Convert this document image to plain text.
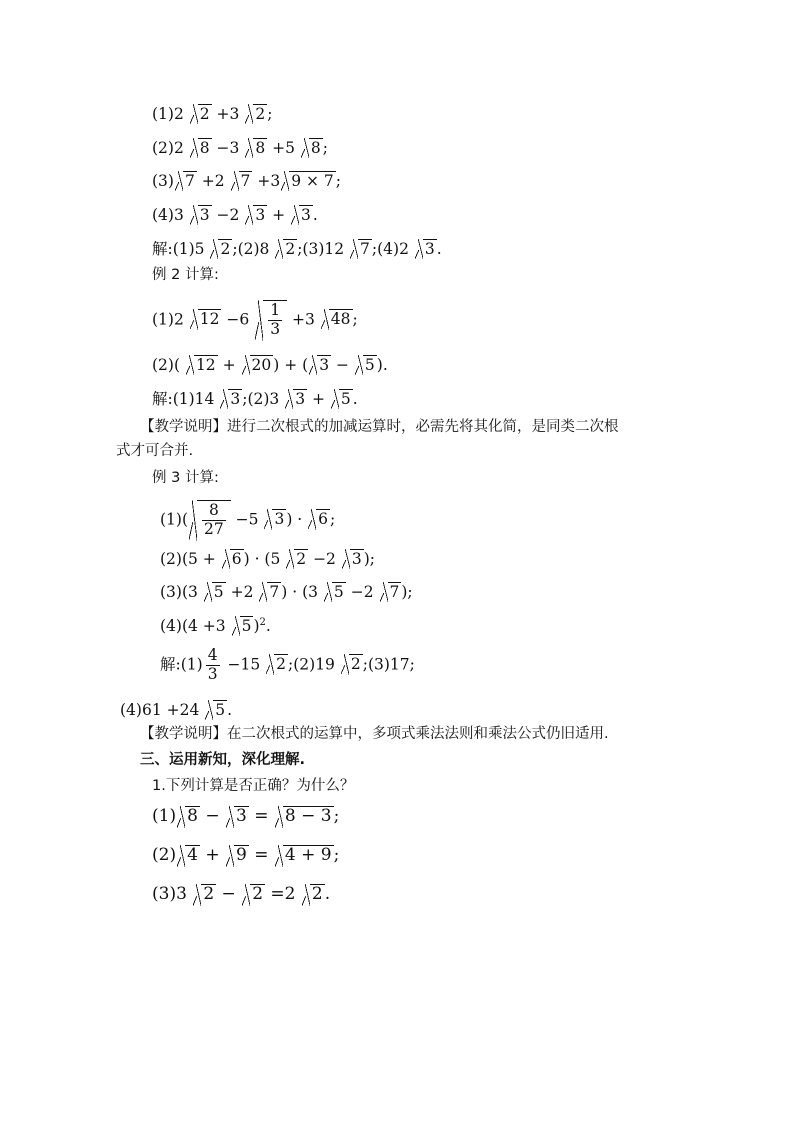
(1)2 2 +3 2 ;
(2)2 8 −3 8 +5 8 ;
(3) 7 +2 7 +3 9 × 7 ;
(4)3 3 −2 3 + 3 .
解:(1)5 2 ;(2)8 2 ;(3)12 7 ;(4)2 3 .
例 2 计算:
(1)2 $12 -6 \frac{1}{3} +3$ 48 ;
(2)( 12 + 20 ) + ( 3 − 5 ).
解:(1)14 3 ;(2)3 3 + 5 .
【教学说明】进行二次根式的加减运算时，必需先将其化简，是同类二次根
式才可合并.
例 3 计算:
$(1)( \frac{8}{27} -5$ 3 ) · 6 ;
(2)(5 + 6 ) · (5 2 −2 3 );
(3)(3 5 +2 7 ) · (3 5 −2 7 );
(4)(4 +3 5 )$^2$.
解:(1) $\frac{4}{3} -15$ 2 ;(2)19 2 ;(3)17;
(4)61 +24 5 .
【教学说明】在二次根式的运算中，多项式乘法法则和乘法公式仍旧适用.
三、运用新知，深化理解.
1.下列计算是否正确？为什么？
(1) 8 − 3 = 8 − 3 ;
(2) 4 + 9 = 4 + 9 ;
(3)3 2 − 2 =2 2 .
